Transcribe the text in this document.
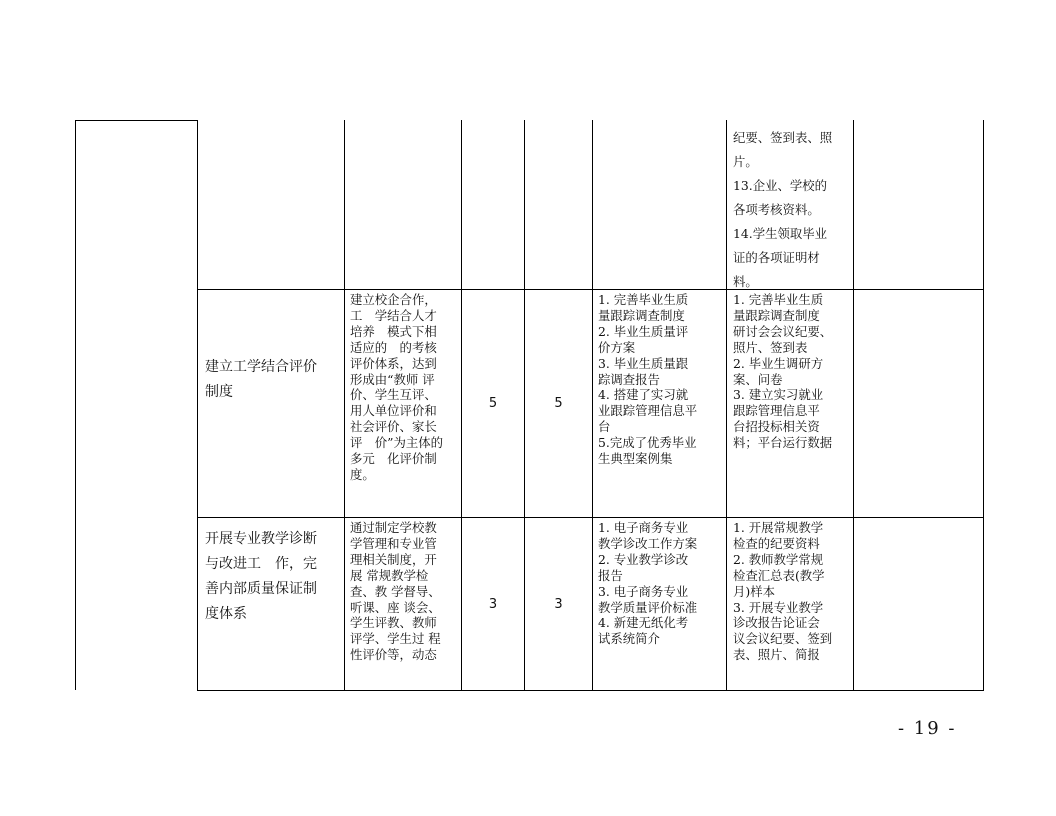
纪要、签到表、照

片。

13.企业、学校的

各项考核资料。

14.学生领取毕业

证的各项证明材

料。

建立工学结合评价

制度

建立校企合作，

工　学结合人才

培养　模式下相

适应的　的考核

评价体系，达到

形成由“教师 评

价、学生互评、

用人单位评价和

社会评价、家长

评　价”为主体的

多元　化评价制

度。

5	5

1. 完善毕业生质

量跟踪调查制度

2. 毕业生质量评

价方案

3. 毕业生质量跟

踪调查报告

4. 搭建了实习就

业跟踪管理信息平

台

5.完成了优秀毕业

生典型案例集

1. 完善毕业生质

量跟踪调查制度

研讨会会议纪要、

照片、签到表

2. 毕业生调研方

案、问卷

3. 建立实习就业

跟踪管理信息平

台招投标相关资

料；平台运行数据

开展专业教学诊断

与改进工　作，完

善内部质量保证制

度体系

通过制定学校教

学管理和专业管

理相关制度，开

展 常规教学检

查、教 学督导、

听课、座 谈会、

学生评教、教师

评学、学生过 程

性评价等，动态

3	3

1. 电子商务专业

教学诊改工作方案

2. 专业教学诊改

报告

3. 电子商务专业

教学质量评价标准

4. 新建无纸化考

试系统简介

1. 开展常规教学

检查的纪要资料

2. 教师教学常规

检查汇总表(教学

月)样本

3. 开展专业教学

诊改报告论证会

议会议纪要、签到

表、照片、简报

- 19 -
